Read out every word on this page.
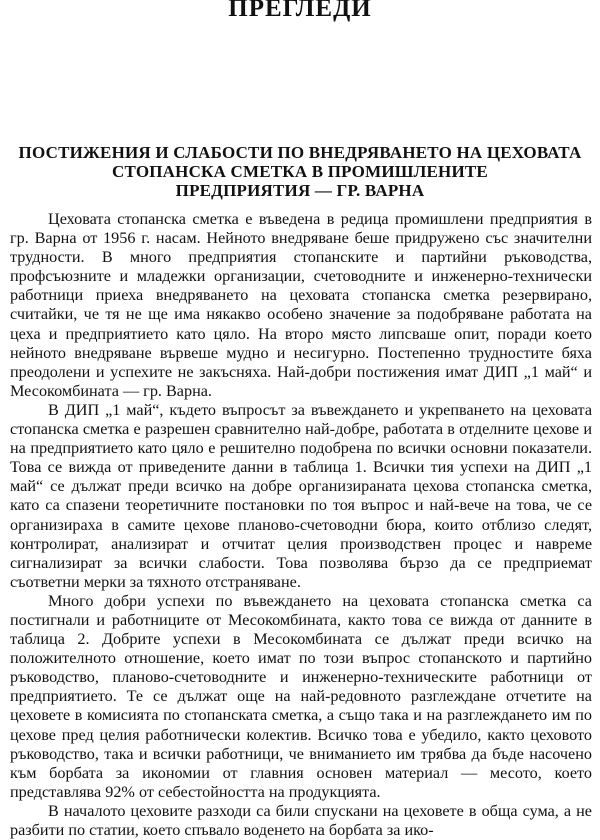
ПРЕГЛЕДИ
ПОСТИЖЕНИЯ И СЛАБОСТИ ПО ВНЕДРЯВАНЕТО НА ЦЕХОВАТА
СТОПАНСКА СМЕТКА В ПРОМИШЛЕНИТЕ
ПРЕДПРИЯТИЯ — ГР. ВАРНА

Цеховата стопанска сметка е въведена в редица промишлени предприятия в гр. Варна от 1956 г. насам. Нейното внедряване беше придружено със значителни трудности. В много предприятия стопанските и партийни ръководства, профсъюзните и младежки организации, счетоводните и инженерно-технически работници приеха внедряването на цеховата стопанска сметка резервирано, считайки, че тя не ще има някакво особено значение за подобряване работата на цеха и предприятието като цяло. На второ място липсваше опит, поради което нейното внедряване вървеше мудно и несигурно. Постепенно трудностите бяха преодолени и успехите не закъсняха. Най-добри постижения имат ДИП „1 май“ и Месокомбината — гр. Варна.

В ДИП „1 май“, където въпросът за въвеждането и укрепването на цеховата стопанска сметка е разрешен сравнително най-добре, работата в отделните цехове и на предприятието като цяло е решително подобрена по всички основни показатели. Това се вижда от приведените данни в таблица 1. Всички тия успехи на ДИП „1 май“ се дължат преди всичко на добре организираната цехова стопанска сметка, като са спазени теоретичните постановки по тоя въпрос и най-вече на това, че се организираха в самите цехове планово-счетоводни бюра, които отблизо следят, контролират, анализират и отчитат целия производствен процес и навреме сигнализират за всички слабости. Това позволява бързо да се предприемат съответни мерки за тяхното отстраняване.

Много добри успехи по въвеждането на цеховата стопанска сметка са постигнали и работниците от Месокомбината, както това се вижда от данните в таблица 2. Добрите успехи в Месокомбината се дължат преди всичко на положителното отношение, което имат по този въпрос стопанското и партийно ръководство, планово-счетоводните и инженерно-техническите работници от предприятието. Те се дължат още на най-редовното разглеждане отчетите на цеховете в комисията по стопанската сметка, а също така и на разглеждането им по цехове пред целия работнически колектив. Всичко това е убедило, както цеховото ръководство, така и всички работници, че вниманието им трябва да бъде насочено към борбата за икономии от главния основен материал — месото, което представлява 92% от себестойността на продукцията.

В началото цеховите разходи са били спускани на цеховете в обща сума, а не разбити по статии, което спъвало воденето на борбата за ико-
